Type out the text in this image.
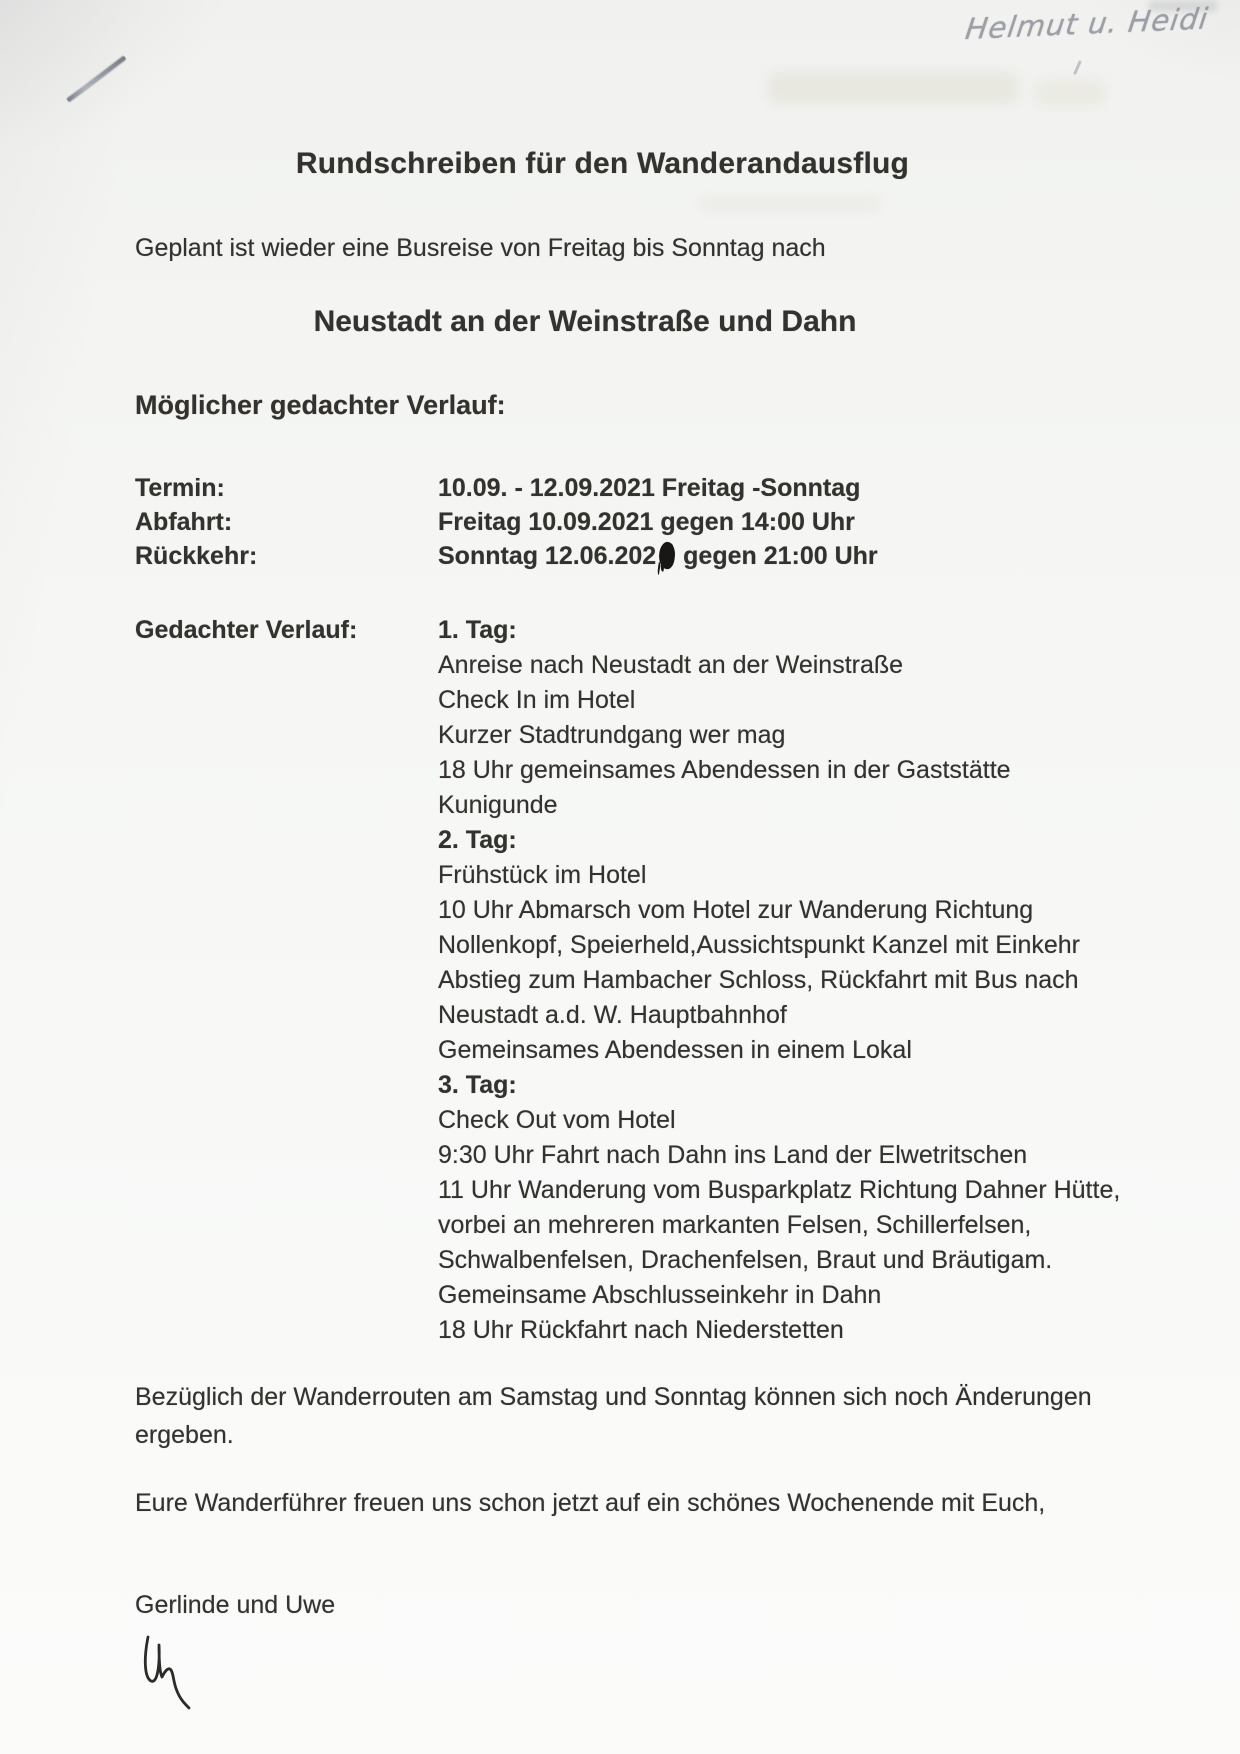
Helmut u. Heidi
Rundschreiben für den Wanderandausflug
Geplant ist wieder eine Busreise von Freitag bis Sonntag nach
Neustadt an der Weinstraße und Dahn
Möglicher gedachter Verlauf:
Termin:	10.09. - 12.09.2021 Freitag -Sonntag
Abfahrt:	Freitag 10.09.2021 gegen 14:00 Uhr
Rückkehr:	Sonntag 12.06.202 gegen 21:00 Uhr
Gedachter Verlauf:	1. Tag:
Anreise nach Neustadt an der Weinstraße
Check In im Hotel
Kurzer Stadtrundgang wer mag
18 Uhr gemeinsames Abendessen in der Gaststätte
Kunigunde
2. Tag:
Frühstück im Hotel
10 Uhr Abmarsch vom Hotel zur Wanderung Richtung
Nollenkopf, Speierheld,Aussichtspunkt Kanzel mit Einkehr
Abstieg zum Hambacher Schloss, Rückfahrt mit Bus nach
Neustadt a.d. W. Hauptbahnhof
Gemeinsames Abendessen in einem Lokal
3. Tag:
Check Out vom Hotel
9:30 Uhr Fahrt nach Dahn ins Land der Elwetritschen
11 Uhr Wanderung vom Busparkplatz Richtung Dahner Hütte,
vorbei an mehreren markanten Felsen, Schillerfelsen,
Schwalbenfelsen, Drachenfelsen, Braut und Bräutigam.
Gemeinsame Abschlusseinkehr in Dahn
18 Uhr Rückfahrt nach Niederstetten
Bezüglich der Wanderrouten am Samstag und Sonntag können sich noch Änderungen
ergeben.
Eure Wanderführer freuen uns schon jetzt auf ein schönes Wochenende mit Euch,
Gerlinde und Uwe
